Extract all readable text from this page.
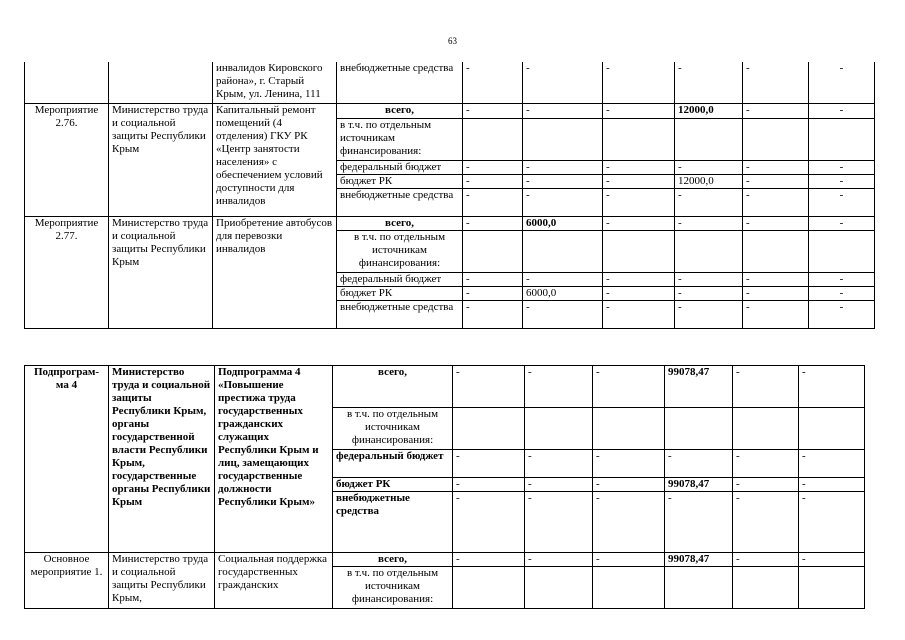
63
		инвалидов Кировского района», г. Старый Крым, ул. Ленина, 111	внебюджетные средства	-	-	-	-	-	-
Мероприятие 2.76.	Министерство труда и социальной защиты Республики Крым	Капитальный ремонт помещений (4 отделения) ГКУ РК «Центр занятости населения» с обеспечением условий доступности для инвалидов	всего,	-	-	-	12000,0	-	-
			в т.ч. по отдельным источникам финансирования:						
			федеральный бюджет	-	-	-	-	-	-
			бюджет РК	-	-	-	12000,0	-	-
			внебюджетные средства	-	-	-	-	-	-
Мероприятие 2.77.	Министерство труда и социальной защиты Республики Крым	Приобретение автобусов для перевозки инвалидов	всего,	-	6000,0	-	-	-	-
			в т.ч. по отдельным источникам финансирования:						
			федеральный бюджет	-	-	-	-	-	-
			бюджет РК	-	6000,0	-	-	-	-
			внебюджетные средства	-	-	-	-	-	-
Подпрограм-ма 4	Министерство труда и социальной защиты Республики Крым, органы государственной власти Республики Крым, государственные органы Республики Крым	Подпрограмма 4 «Повышение престижа труда государственных гражданских служащих Республики Крым и лиц, замещающих государственные должности Республики Крым»	всего,	-	-	-	99078,47	-	-
			в т.ч. по отдельным источникам финансирования:						
			федеральный бюджет	-	-	-	-	-	-
			бюджет РК	-	-	-	99078,47	-	-
			внебюджетные средства	-	-	-	-	-	-
Основное мероприятие 1.	Министерство труда и социальной защиты Республики Крым,	Социальная поддержка государственных гражданских	всего,	-	-	-	99078,47	-	-
			в т.ч. по отдельным источникам финансирования:						
